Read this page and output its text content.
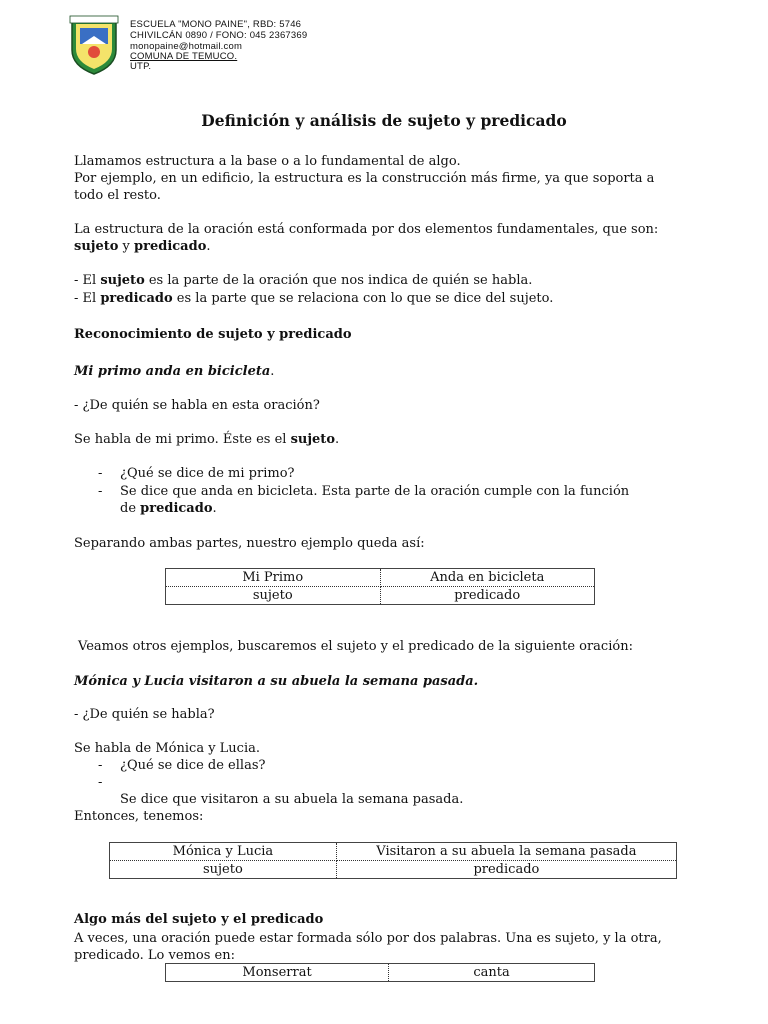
ESCUELA "MONO PAINE", RBD: 5746
CHIVILCÁN 0890 / FONO: 045 2367369
monopaine@hotmail.com
COMUNA DE TEMUCO.
UTP.
Definición y análisis de sujeto y predicado
Llamamos estructura a la base o a lo fundamental de algo.
Por ejemplo, en un edificio, la estructura es la construcción más firme, ya que soporta a
todo el resto.
La estructura de la oración está conformada por dos elementos fundamentales, que son:
sujeto y predicado.
- El sujeto es la parte de la oración que nos indica de quién se habla.
- El predicado es la parte que se relaciona con lo que se dice del sujeto.
Reconocimiento de sujeto y predicado
Mi primo anda en bicicleta.
- ¿De quién se habla en esta oración?
Se habla de mi primo. Éste es el sujeto.
- ¿Qué se dice de mi primo?
- Se dice que anda en bicicleta. Esta parte de la oración cumple con la función
de predicado.
Separando ambas partes, nuestro ejemplo queda así:
Mi Primo	Anda en bicicleta
sujeto	predicado
Veamos otros ejemplos, buscaremos el sujeto y el predicado de la siguiente oración:
Mónica y Lucia visitaron a su abuela la semana pasada.
- ¿De quién se habla?
Se habla de Mónica y Lucia.
- ¿Qué se dice de ellas?
-
Se dice que visitaron a su abuela la semana pasada.
Entonces, tenemos:
Mónica y Lucia	Visitaron a su abuela la semana pasada
sujeto	predicado
Algo más del sujeto y el predicado
A veces, una oración puede estar formada sólo por dos palabras. Una es sujeto, y la otra,
predicado. Lo vemos en:
Monserrat	canta
